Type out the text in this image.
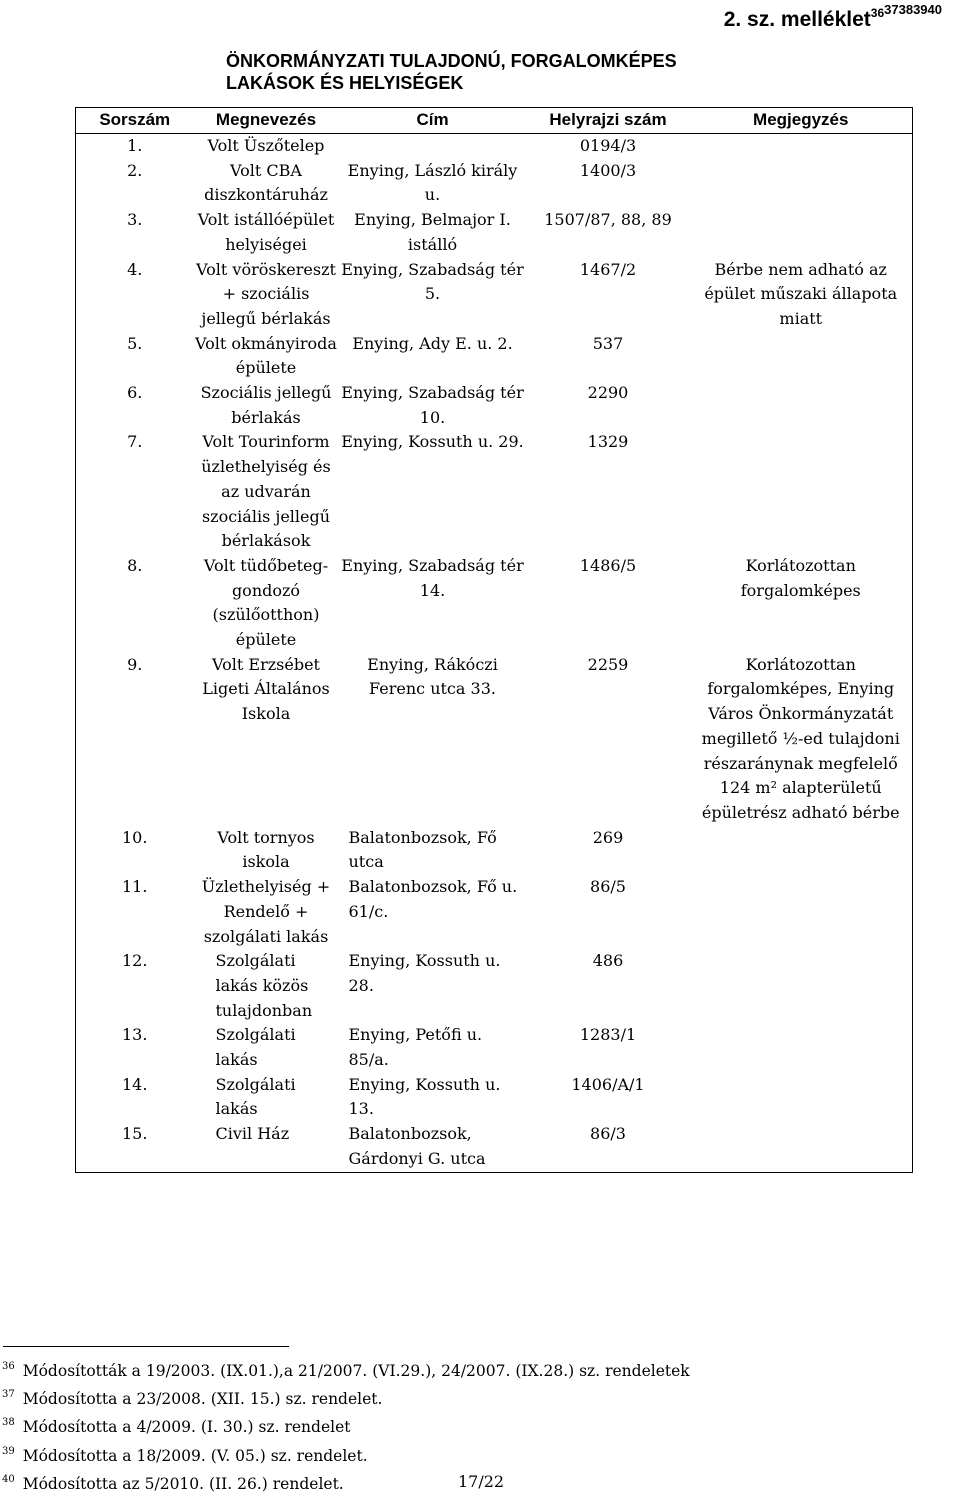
2. sz. melléklet$^{3637383940}$
ÖNKORMÁNYZATI TULAJDONÚ, FORGALOMKÉPES
LAKÁSOK ÉS HELYISÉGEK
Sorszám	Megnevezés	Cím	Helyrajzi szám	Megjegyzés
1.	Volt Üszőtelep		0194/3	
2.	Volt CBA diszkontáruház	Enying, László király u.	1400/3	
3.	Volt istállóépület helyiségei	Enying, Belmajor I. istálló	1507/87, 88, 89	
4.	Volt vöröskereszt + szociális jellegű bérlakás	Enying, Szabadság tér 5.	1467/2	Bérbe nem adható az épület műszaki állapota miatt
5.	Volt okmányiroda épülete	Enying, Ady E. u. 2.	537	
6.	Szociális jellegű bérlakás	Enying, Szabadság tér 10.	2290	
7.	Volt Tourinform üzlethelyiség és az udvarán szociális jellegű bérlakások	Enying, Kossuth u. 29.	1329	
8.	Volt tüdőbeteg-gondozó (szülőotthon) épülete	Enying, Szabadság tér 14.	1486/5	Korlátozottan forgalomképes
9.	Volt Erzsébet Ligeti Általános Iskola	Enying, Rákóczi Ferenc utca 33.	2259	Korlátozottan forgalomképes, Enying Város Önkormányzatát megillető ½-ed tulajdoni részaránynak megfelelő 124 m² alapterületű épületrész adható bérbe
10.	Volt tornyos iskola	Balatonbozsok, Fő utca	269	
11.	Üzlethelyiség + Rendelő + szolgálati lakás	Balatonbozsok, Fő u. 61/c.	86/5	
12.	Szolgálati lakás közös tulajdonban	Enying, Kossuth u. 28.	486	
13.	Szolgálati lakás	Enying, Petőfi u. 85/a.	1283/1	
14.	Szolgálati lakás	Enying, Kossuth u. 13.	1406/A/1	
15.	Civil Ház	Balatonbozsok, Gárdonyi G. utca	86/3	
$^{36}$ Módosították a 19/2003. (IX.01.),a 21/2007. (VI.29.), 24/2007. (IX.28.) sz. rendeletek
$^{37}$ Módosította a 23/2008. (XII. 15.) sz. rendelet.
$^{38}$ Módosította a 4/2009. (I. 30.) sz. rendelet
$^{39}$ Módosította a 18/2009. (V. 05.) sz. rendelet.
$^{40}$ Módosította az 5/2010. (II. 26.) rendelet.	17/22
